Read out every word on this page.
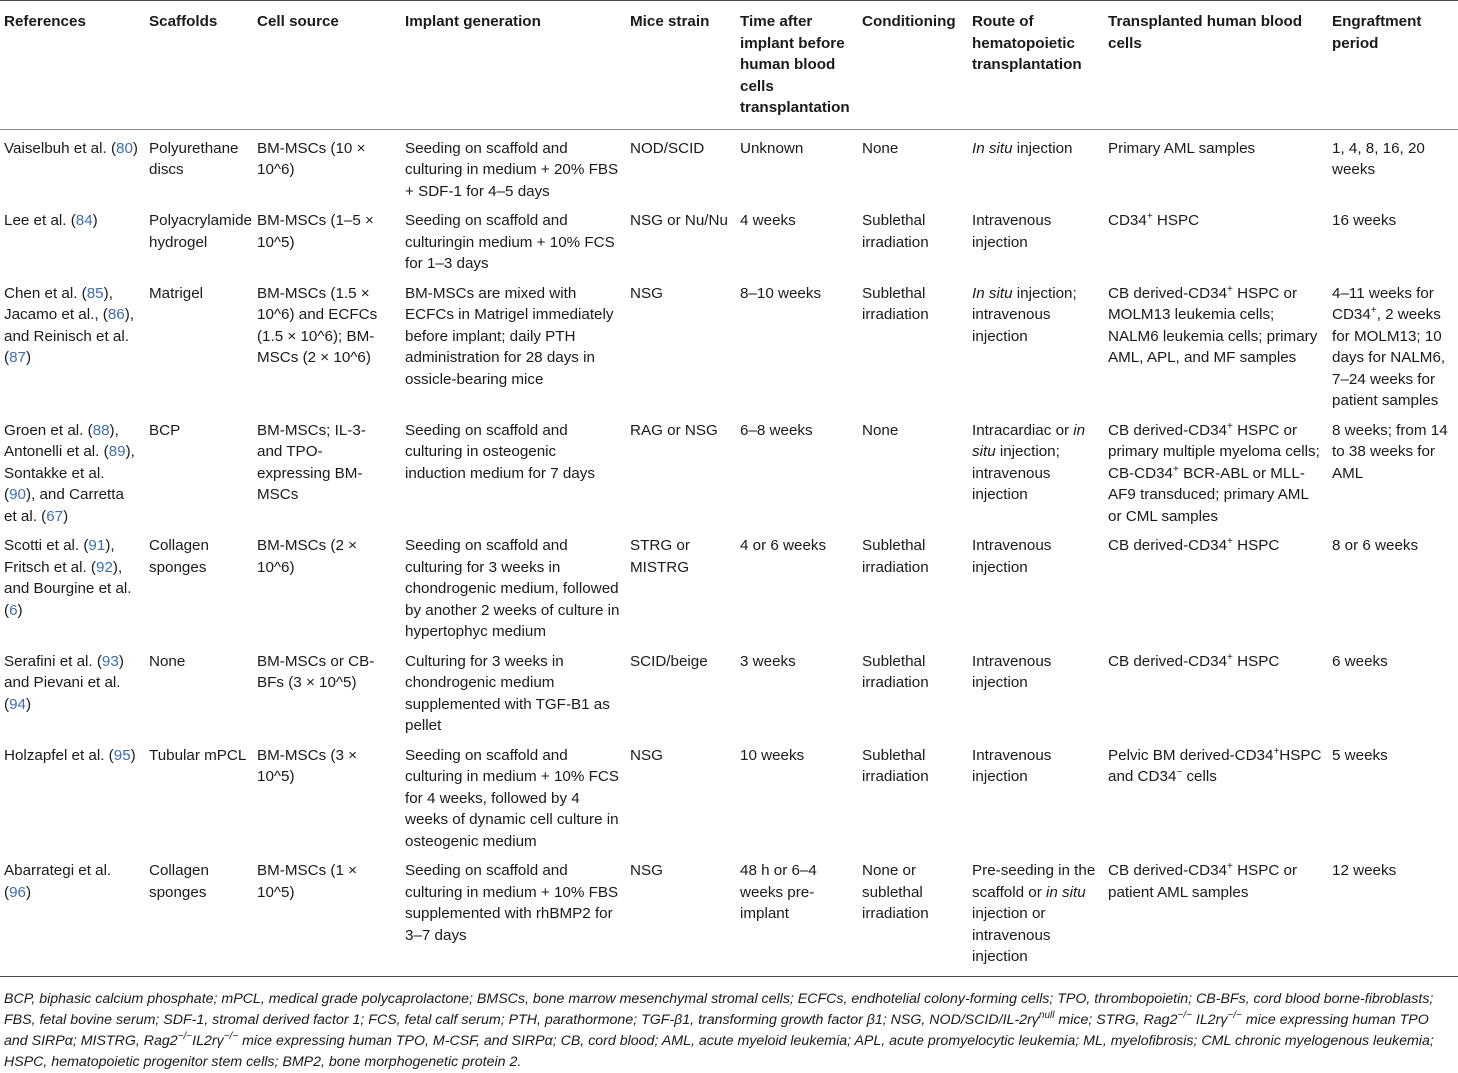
References	Scaffolds	Cell source	Implant generation	Mice strain	Time after implant before human blood cells transplantation	Conditioning	Route of hematopoietic transplantation	Transplanted human blood cells	Engraftment period

Vaiselbuh et al. (80)	Polyurethane discs	BM-MSCs (10 × 10^6)	Seeding on scaffold and culturing in medium + 20% FBS + SDF-1 for 4–5 days	NOD/SCID	Unknown	None	In situ injection	Primary AML samples	1, 4, 8, 16, 20 weeks

Lee et al. (84)	Polyacrylamide hydrogel	BM-MSCs (1–5 × 10^5)	Seeding on scaffold and culturingin medium + 10% FCS for 1–3 days	NSG or Nu/Nu	4 weeks	Sublethal irradiation	Intravenous injection	CD34+ HSPC	16 weeks

Chen et al. (85), Jacamo et al., (86), and Reinisch et al. (87)	Matrigel	BM-MSCs (1.5 × 10^6) and ECFCs (1.5 × 10^6); BM-MSCs (2 × 10^6)	BM-MSCs are mixed with ECFCs in Matrigel immediately before implant; daily PTH administration for 28 days in ossicle-bearing mice	NSG	8–10 weeks	Sublethal irradiation	In situ injection; intravenous injection	CB derived-CD34+ HSPC or MOLM13 leukemia cells; NALM6 leukemia cells; primary AML, APL, and MF samples	4–11 weeks for CD34+, 2 weeks for MOLM13; 10 days for NALM6, 7–24 weeks for patient samples

Groen et al. (88), Antonelli et al. (89), Sontakke et al. (90), and Carretta et al. (67)	BCP	BM-MSCs; IL-3- and TPO-expressing BM-MSCs	Seeding on scaffold and culturing in osteogenic induction medium for 7 days	RAG or NSG	6–8 weeks	None	Intracardiac or in situ injection; intravenous injection	CB derived-CD34+ HSPC or primary multiple myeloma cells; CB-CD34+ BCR-ABL or MLL-AF9 transduced; primary AML or CML samples	8 weeks; from 14 to 38 weeks for AML

Scotti et al. (91), Fritsch et al. (92), and Bourgine et al. (6)	Collagen sponges	BM-MSCs (2 × 10^6)	Seeding on scaffold and culturing for 3 weeks in chondrogenic medium, followed by another 2 weeks of culture in hypertophyc medium	STRG or MISTRG	4 or 6 weeks	Sublethal irradiation	Intravenous injection	CB derived-CD34+ HSPC	8 or 6 weeks

Serafini et al. (93) and Pievani et al. (94)	None	BM-MSCs or CB-BFs (3 × 10^5)	Culturing for 3 weeks in chondrogenic medium supplemented with TGF-B1 as pellet	SCID/beige	3 weeks	Sublethal irradiation	Intravenous injection	CB derived-CD34+ HSPC	6 weeks

Holzapfel et al. (95)	Tubular mPCL	BM-MSCs (3 × 10^5)	Seeding on scaffold and culturing in medium + 10% FCS for 4 weeks, followed by 4 weeks of dynamic cell culture in osteogenic medium	NSG	10 weeks	Sublethal irradiation	Intravenous injection	Pelvic BM derived-CD34+HSPC and CD34− cells	5 weeks

Abarrategi et al. (96)	Collagen sponges	BM-MSCs (1 × 10^5)	Seeding on scaffold and culturing in medium + 10% FBS supplemented with rhBMP2 for 3–7 days	NSG	48 h or 6–4 weeks pre-implant	None or sublethal irradiation	Pre-seeding in the scaffold or in situ injection or intravenous injection	CB derived-CD34+ HSPC or patient AML samples	12 weeks

BCP, biphasic calcium phosphate; mPCL, medical grade polycaprolactone; BMSCs, bone marrow mesenchymal stromal cells; ECFCs, endhotelial colony-forming cells; TPO, thrombopoietin; CB-BFs, cord blood borne-fibroblasts; FBS, fetal bovine serum; SDF-1, stromal derived factor 1; FCS, fetal calf serum; PTH, parathormone; TGF-β1, transforming growth factor β1; NSG, NOD/$SCID/IL-2r\gamma^{null}$ mice; STRG, Rag2−/− IL2rγ−/− mice expressing human TPO and SIRPα; MISTRG, Rag2−/−IL2rγ−/− mice expressing human TPO, M-CSF, and SIRPα; CB, cord blood; AML, acute myeloid leukemia; APL, acute promyelocytic leukemia; ML, myelofibrosis; CML chronic myelogenous leukemia; HSPC, hematopoietic progenitor stem cells; BMP2, bone morphogenetic protein 2.
